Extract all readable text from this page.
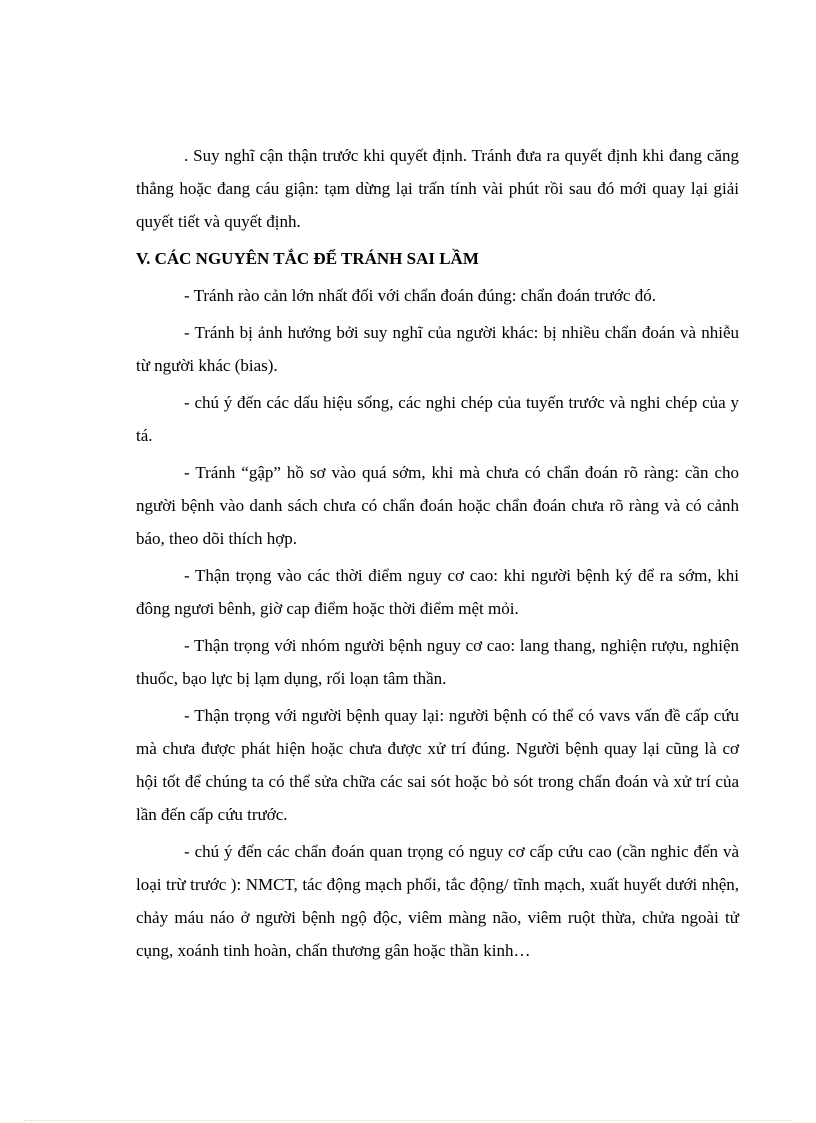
. Suy nghĩ cận thận trước khi quyết định. Tránh đưa ra quyết định khi đang căng thẳng hoặc đang cáu giận: tạm dừng lại trấn tính vài phút rồi sau đó mới quay lại giải quyết tiết và quyết định.

V. CÁC NGUYÊN TẮC ĐỂ TRÁNH SAI LẦM

- Tránh rào cản lớn nhất đối với chẩn đoán đúng: chẩn đoán trước đó.

- Tránh bị ảnh hưởng bởi suy nghĩ của người khác: bị nhiều chẩn đoán và nhiễu từ người khác (bias).

- chú ý đến các dấu hiệu sống, các nghi chép của tuyến trước và nghi chép của y tá.

- Tránh “gập” hồ sơ vào quá sớm, khi mà chưa có chẩn đoán rõ ràng: cần cho người bệnh vào danh sách chưa có chẩn đoán hoặc chẩn đoán chưa rõ ràng và có cảnh báo, theo dõi thích hợp.

- Thận trọng vào các thời điểm nguy cơ cao: khi người bệnh ký để ra sớm, khi đông ngươi bênh, giờ cap điểm hoặc thời điểm mệt mỏi.

- Thận trọng với nhóm người bệnh nguy cơ cao: lang thang, nghiện rượu, nghiện thuốc, bạo lực bị lạm dụng, rối loạn tâm thần.

- Thận trọng với người bệnh quay lại: người bệnh có thể có vavs vấn đề cấp cứu mà chưa được phát hiện hoặc chưa được xử trí đúng. Người bệnh quay lại cũng là cơ hội tốt để chúng ta có thể sửa chữa các sai sót hoặc bỏ sót trong chẩn đoán và xử trí của lần đến cấp cứu trước.

- chú ý đến các chẩn đoán quan trọng có nguy cơ cấp cứu cao (cần nghic đến và loại trừ trước ): NMCT, tác động mạch phổi, tắc động/ tĩnh mạch, xuất huyết dưới nhện, chảy máu náo ở người bệnh ngộ độc, viêm màng não, viêm ruột thừa, chửa ngoài tử cụng, xoánh tinh hoàn, chấn thương gân hoặc thần kinh…
